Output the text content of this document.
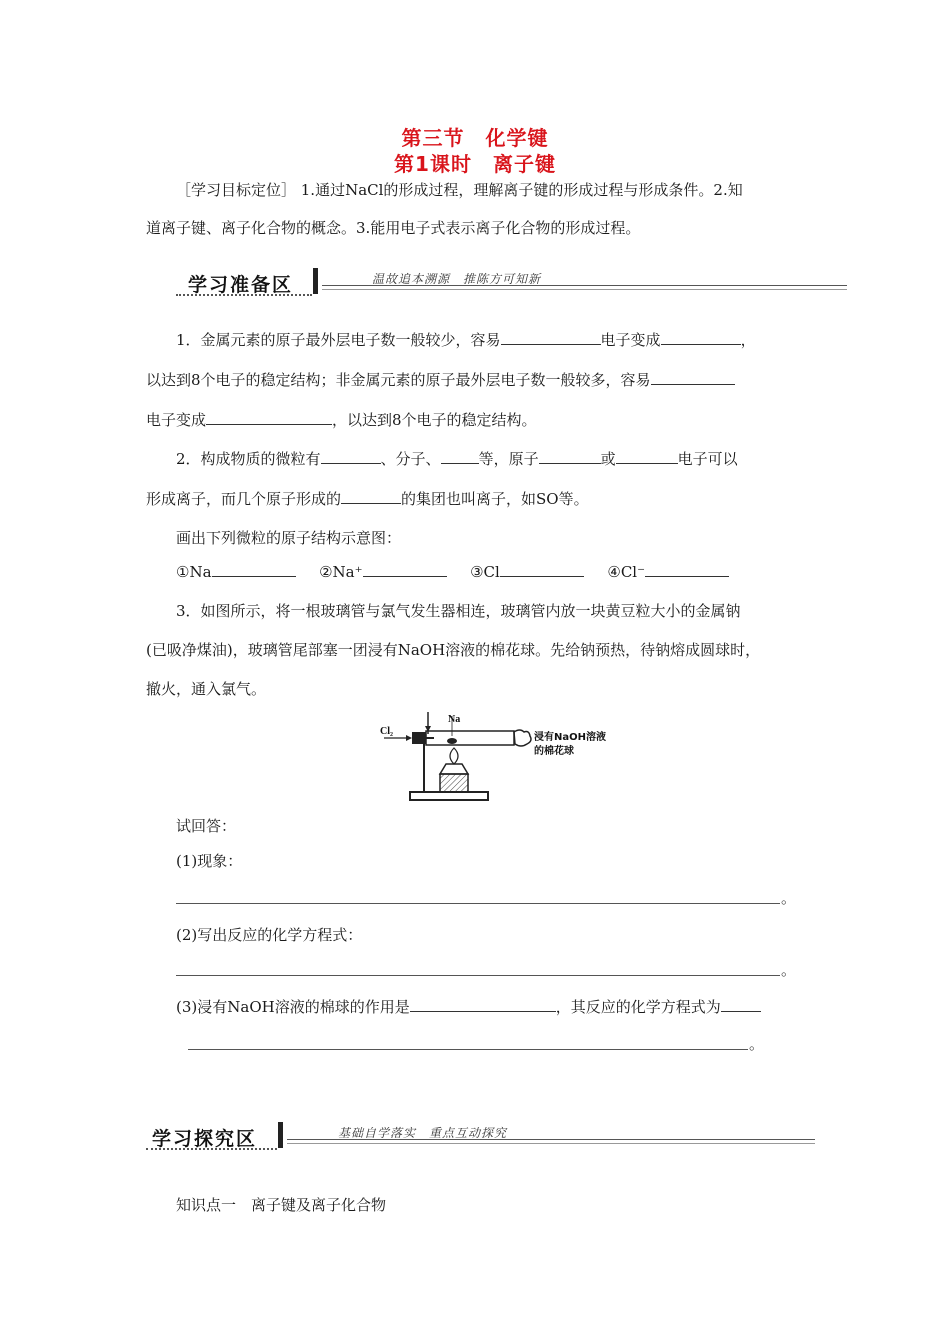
第三节　化学键
第1课时　离子键
［学习目标定位］ 1.通过NaCl的形成过程，理解离子键的形成过程与形成条件。2.知
道离子键、离子化合物的概念。3.能用电子式表示离子化合物的形成过程。
学习准备区	温故追本溯源　推陈方可知新
1．金属元素的原子最外层电子数一般较少，容易	电子变成	，
以达到8个电子的稳定结构；非金属元素的原子最外层电子数一般较多，容易
电子变成	，以达到8个电子的稳定结构。
2．构成物质的微粒有	、分子、	等，原子	或	电子可以
形成离子，而几个原子形成的	的集团也叫离子，如SO等。
画出下列微粒的原子结构示意图：
①Na	②Na⁺	③Cl	④Cl⁻
3．如图所示，将一根玻璃管与氯气发生器相连，玻璃管内放一块黄豆粒大小的金属钠
(已吸净煤油)，玻璃管尾部塞一团浸有NaOH溶液的棉花球。先给钠预热，待钠熔成圆球时，
撤火，通入氯气。
Cl₂
Na
浸有NaOH溶液
的棉花球
试回答：
(1)现象：
。
(2)写出反应的化学方程式：
。
(3)浸有NaOH溶液的棉球的作用是	，其反应的化学方程式为
。
学习探究区	基础自学落实　重点互动探究
知识点一　离子键及离子化合物
